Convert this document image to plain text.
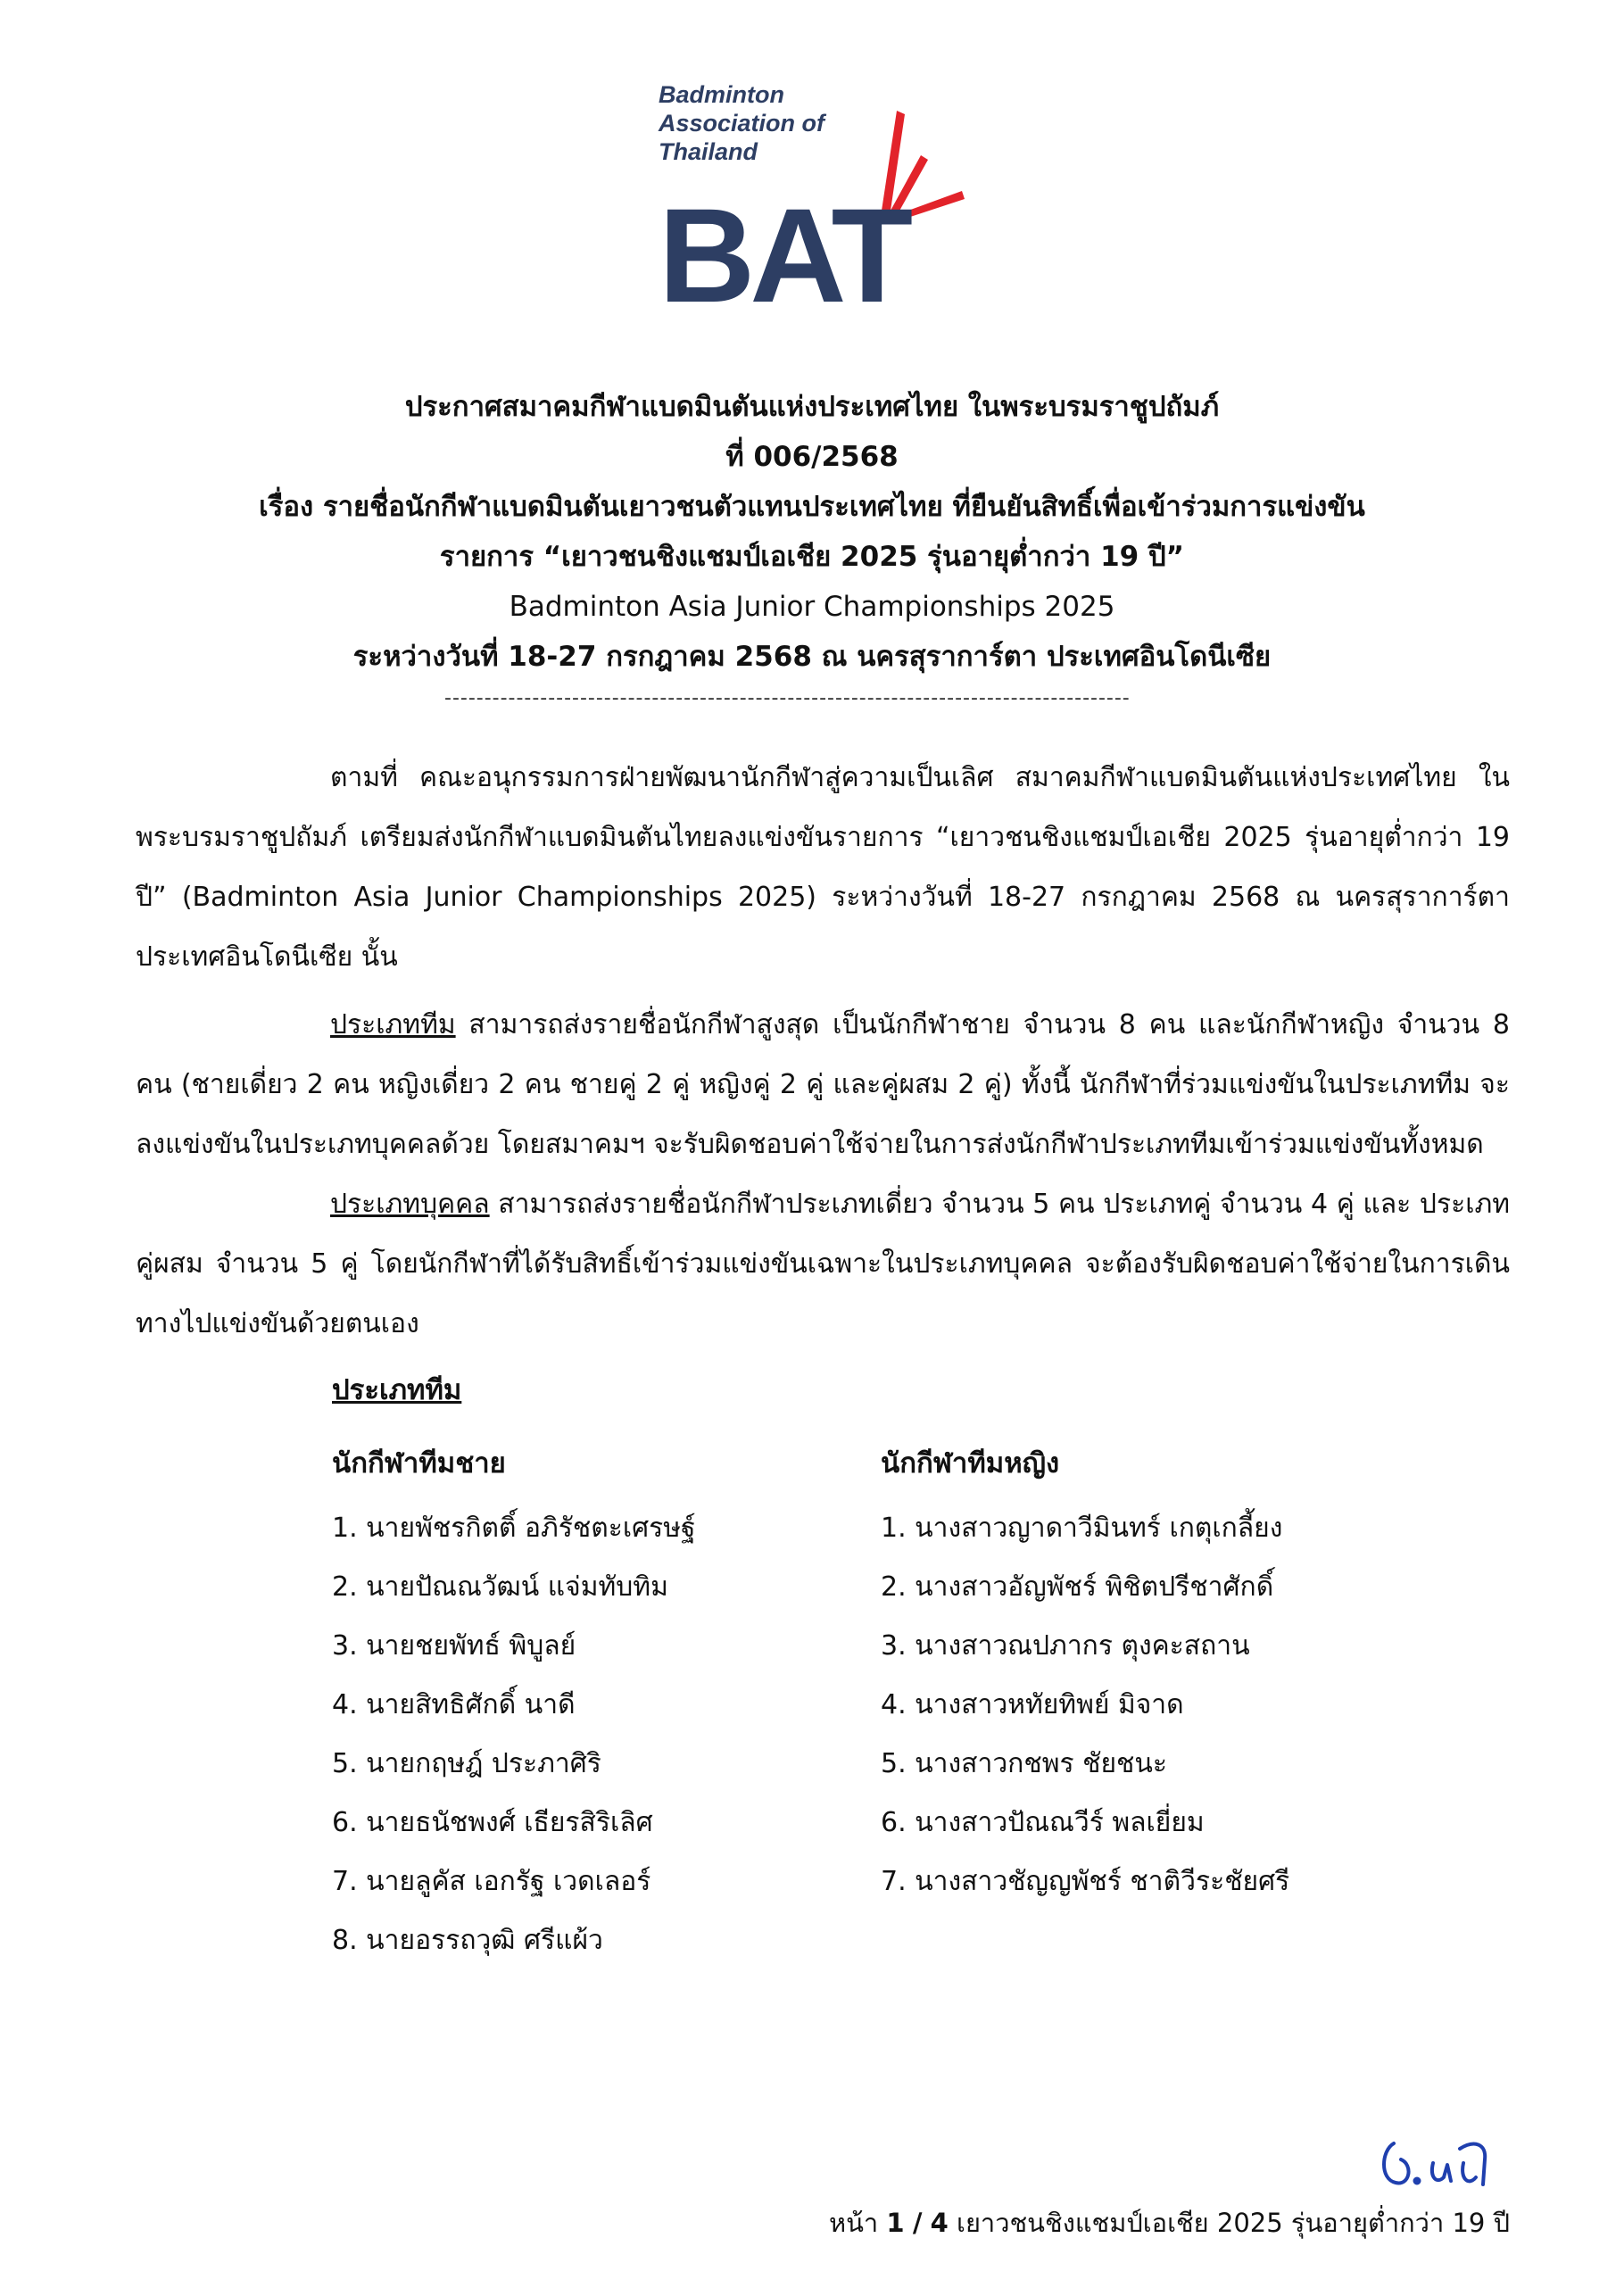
BAT

Badminton
Association of
Thailand

ประกาศสมาคมกีฬาแบดมินตันแห่งประเทศไทย ในพระบรมราชูปถัมภ์
ที่ 006/2568
เรื่อง รายชื่อนักกีฬาแบดมินตันเยาวชนตัวแทนประเทศไทย ที่ยืนยันสิทธิ์เพื่อเข้าร่วมการแข่งขัน
รายการ “เยาวชนชิงแชมป์เอเชีย 2025 รุ่นอายุต่ำกว่า 19 ปี”
Badminton Asia Junior Championships 2025
ระหว่างวันที่ 18-27 กรกฎาคม 2568 ณ นครสุราการ์ตา ประเทศอินโดนีเซีย

--------------------------------------------------------------------------------------

ตามที่ คณะอนุกรรมการฝ่ายพัฒนานักกีฬาสู่ความเป็นเลิศ สมาคมกีฬาแบดมินตันแห่งประเทศไทย ในพระบรมราชูปถัมภ์ เตรียมส่งนักกีฬาแบดมินตันไทยลงแข่งขันรายการ “เยาวชนชิงแชมป์เอเชีย 2025 รุ่นอายุต่ำกว่า 19 ปี” (Badminton Asia Junior Championships 2025) ระหว่างวันที่ 18-27 กรกฎาคม 2568 ณ นครสุราการ์ตา ประเทศอินโดนีเซีย นั้น

ประเภททีม สามารถส่งรายชื่อนักกีฬาสูงสุด เป็นนักกีฬาชาย จำนวน 8 คน และนักกีฬาหญิง จำนวน 8 คน (ชายเดี่ยว 2 คน หญิงเดี่ยว 2 คน ชายคู่ 2 คู่ หญิงคู่ 2 คู่ และคู่ผสม 2 คู่) ทั้งนี้ นักกีฬาที่ร่วมแข่งขันในประเภททีม จะลงแข่งขันในประเภทบุคคลด้วย โดยสมาคมฯ จะรับผิดชอบค่าใช้จ่ายในการส่งนักกีฬาประเภททีมเข้าร่วมแข่งขันทั้งหมด

ประเภทบุคคล สามารถส่งรายชื่อนักกีฬาประเภทเดี่ยว จำนวน 5 คน ประเภทคู่ จำนวน 4 คู่ และ ประเภทคู่ผสม จำนวน 5 คู่ โดยนักกีฬาที่ได้รับสิทธิ์เข้าร่วมแข่งขันเฉพาะในประเภทบุคคล จะต้องรับผิดชอบค่าใช้จ่ายในการเดินทางไปแข่งขันด้วยตนเอง

ประเภททีม

นักกีฬาทีมชาย

1. นายพัชรกิตติ์ อภิรัชตะเศรษฐ์
2. นายปัณณวัฒน์ แจ่มทับทิม
3. นายชยพัทธ์ พิบูลย์
4. นายสิทธิศักดิ์ นาดี
5. นายกฤษฎ์ ประภาศิริ
6. นายธนัชพงศ์ เธียรสิริเลิศ
7. นายลูคัส เอกรัฐ เวดเลอร์
8. นายอรรถวุฒิ ศรีแผ้ว

นักกีฬาทีมหญิง

1. นางสาวญาดาวีมินทร์ เกตุเกลี้ยง
2. นางสาวอัญพัชร์ พิชิตปรีชาศักดิ์
3. นางสาวณปภากร ตุงคะสถาน
4. นางสาวหทัยทิพย์ มิจาด
5. นางสาวกชพร ชัยชนะ
6. นางสาวปัณณวีร์ พลเยี่ยม
7. นางสาวชัญญพัชร์ ชาติวีระชัยศรี

หน้า 1 / 4 เยาวชนชิงแชมป์เอเชีย 2025 รุ่นอายุต่ำกว่า 19 ปี
